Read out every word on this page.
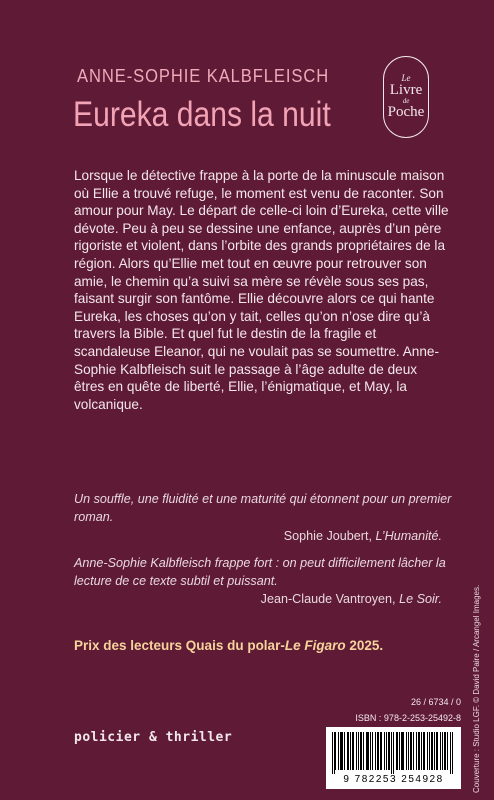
ANNE-SOPHIE KALBFLEISCH
Eureka dans la nuit
Le
Livre
de
Poche

Lorsque le détective frappe à la porte de la minuscule maison où Ellie a trouvé refuge, le moment est venu de raconter. Son amour pour May. Le départ de celle-ci loin d’Eureka, cette ville dévote. Peu à peu se dessine une enfance, auprès d’un père rigoriste et violent, dans l’orbite des grands propriétaires de la région. Alors qu’Ellie met tout en œuvre pour retrouver son amie, le chemin qu’a suivi sa mère se révèle sous ses pas, faisant surgir son fantôme. Ellie découvre alors ce qui hante Eureka, les choses qu’on y tait, celles qu’on n’ose dire qu’à travers la Bible. Et quel fut le destin de la fragile et scandaleuse Eleanor, qui ne voulait pas se soumettre. Anne-Sophie Kalbfleisch suit le passage à l’âge adulte de deux êtres en quête de liberté, Ellie, l’énigmatique, et May, la volcanique.

Un souffle, une fluidité et une maturité qui étonnent pour un premier roman.
Sophie Joubert, L’Humanité.
Anne-Sophie Kalbfleisch frappe fort : on peut difficilement lâcher la lecture de ce texte subtil et puissant.
Jean-Claude Vantroyen, Le Soir.
Prix des lecteurs Quais du polar-Le Figaro 2025.
policier & thriller
26 / 6734 / 0
ISBN : 978-2-253-25492-8
9 782253 254928	Couverture : Studio LGF. © David Paire / Arcangel Images.
